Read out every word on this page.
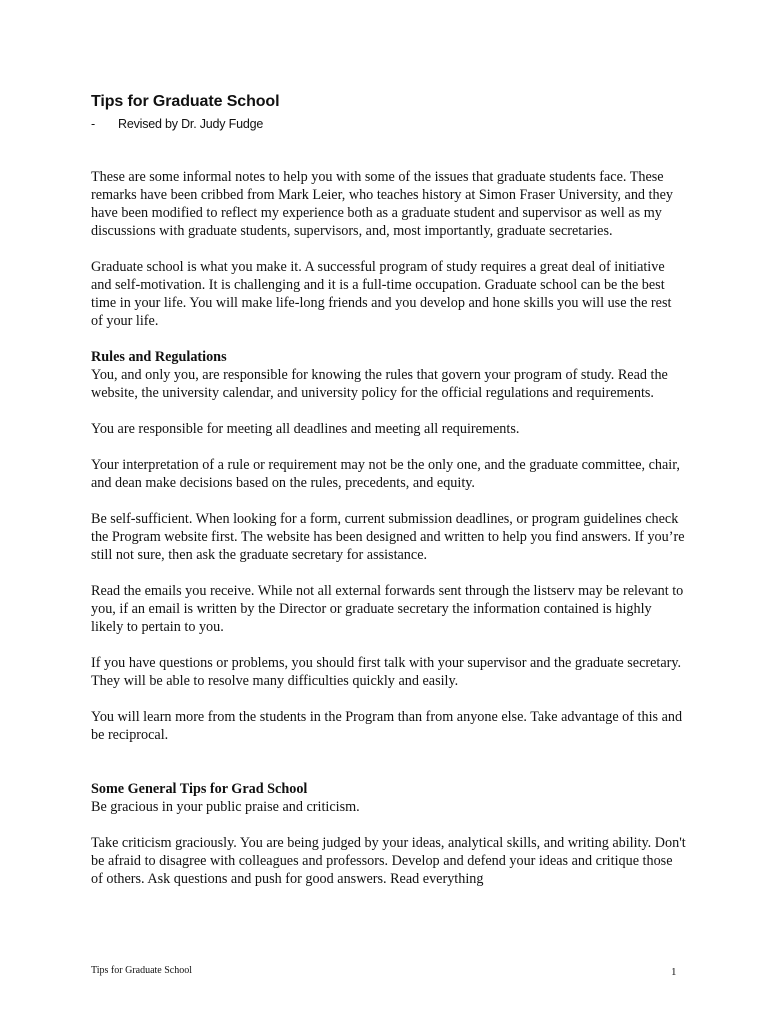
Tips for Graduate School
- Revised by Dr. Judy Fudge

These are some informal notes to help you with some of the issues that graduate students face. These remarks have been cribbed from Mark Leier, who teaches history at Simon Fraser University, and they have been modified to reflect my experience both as a graduate student and supervisor as well as my discussions with graduate students, supervisors, and, most importantly, graduate secretaries.

Graduate school is what you make it. A successful program of study requires a great deal of initiative and self-motivation. It is challenging and it is a full-time occupation. Graduate school can be the best time in your life. You will make life-long friends and you develop and hone skills you will use the rest of your life.

Rules and Regulations

You, and only you, are responsible for knowing the rules that govern your program of study. Read the website, the university calendar, and university policy for the official regulations and requirements.

You are responsible for meeting all deadlines and meeting all requirements.

Your interpretation of a rule or requirement may not be the only one, and the graduate committee, chair, and dean make decisions based on the rules, precedents, and equity.

Be self-sufficient. When looking for a form, current submission deadlines, or program guidelines check the Program website first. The website has been designed and written to help you find answers. If you’re still not sure, then ask the graduate secretary for assistance.

Read the emails you receive. While not all external forwards sent through the listserv may be relevant to you, if an email is written by the Director or graduate secretary the information contained is highly likely to pertain to you.

If you have questions or problems, you should first talk with your supervisor and the graduate secretary. They will be able to resolve many difficulties quickly and easily.

You will learn more from the students in the Program than from anyone else. Take advantage of this and be reciprocal.

Some General Tips for Grad School

Be gracious in your public praise and criticism.

Take criticism graciously. You are being judged by your ideas, analytical skills, and writing ability. Don't be afraid to disagree with colleagues and professors. Develop and defend your ideas and critique those of others. Ask questions and push for good answers. Read everything

Tips for Graduate School	1
